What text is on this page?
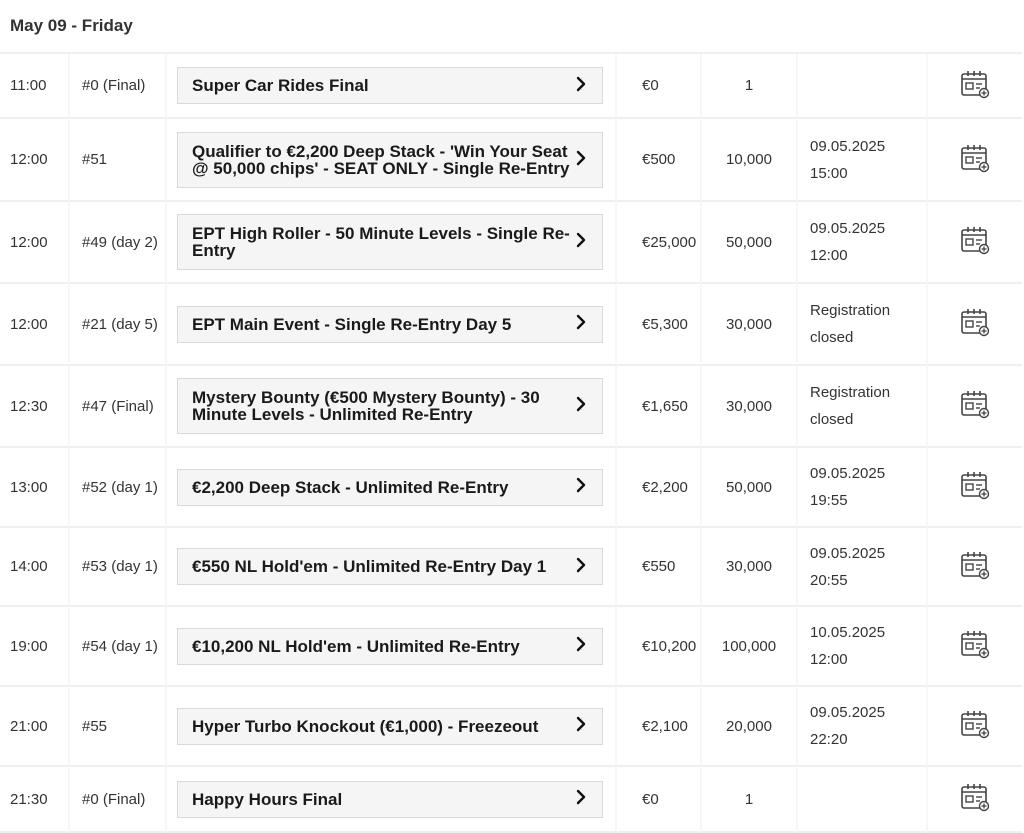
May 09 - Friday						
11:00	#0 (Final)	Super Car Rides Final	€0	1		
12:00	#51	Qualifier to €2,200 Deep Stack - 'Win Your Seat @ 50,000 chips' - SEAT ONLY - Single Re-Entry	€500	10,000	09.05.2025
15:00

12:00	#49 (day 2)	EPT High Roller - 50 Minute Levels - Single Re-Entry	€25,000	50,000	09.05.2025
12:00

12:00	#21 (day 5)	EPT Main Event - Single Re-Entry Day 5	€5,300	30,000	Registration
closed

12:30	#47 (Final)	Mystery Bounty (€500 Mystery Bounty) - 30 Minute Levels - Unlimited Re-Entry	€1,650	30,000	Registration
closed

13:00	#52 (day 1)	€2,200 Deep Stack - Unlimited Re-Entry	€2,200	50,000	09.05.2025
19:55

14:00	#53 (day 1)	€550 NL Hold'em - Unlimited Re-Entry Day 1	€550	30,000	09.05.2025
20:55

19:00	#54 (day 1)	€10,200 NL Hold'em - Unlimited Re-Entry	€10,200	100,000	10.05.2025
12:00

21:00	#55	Hyper Turbo Knockout (€1,000) - Freezeout	€2,100	20,000	09.05.2025
22:20

21:30	#0 (Final)	Happy Hours Final	€0	1		
